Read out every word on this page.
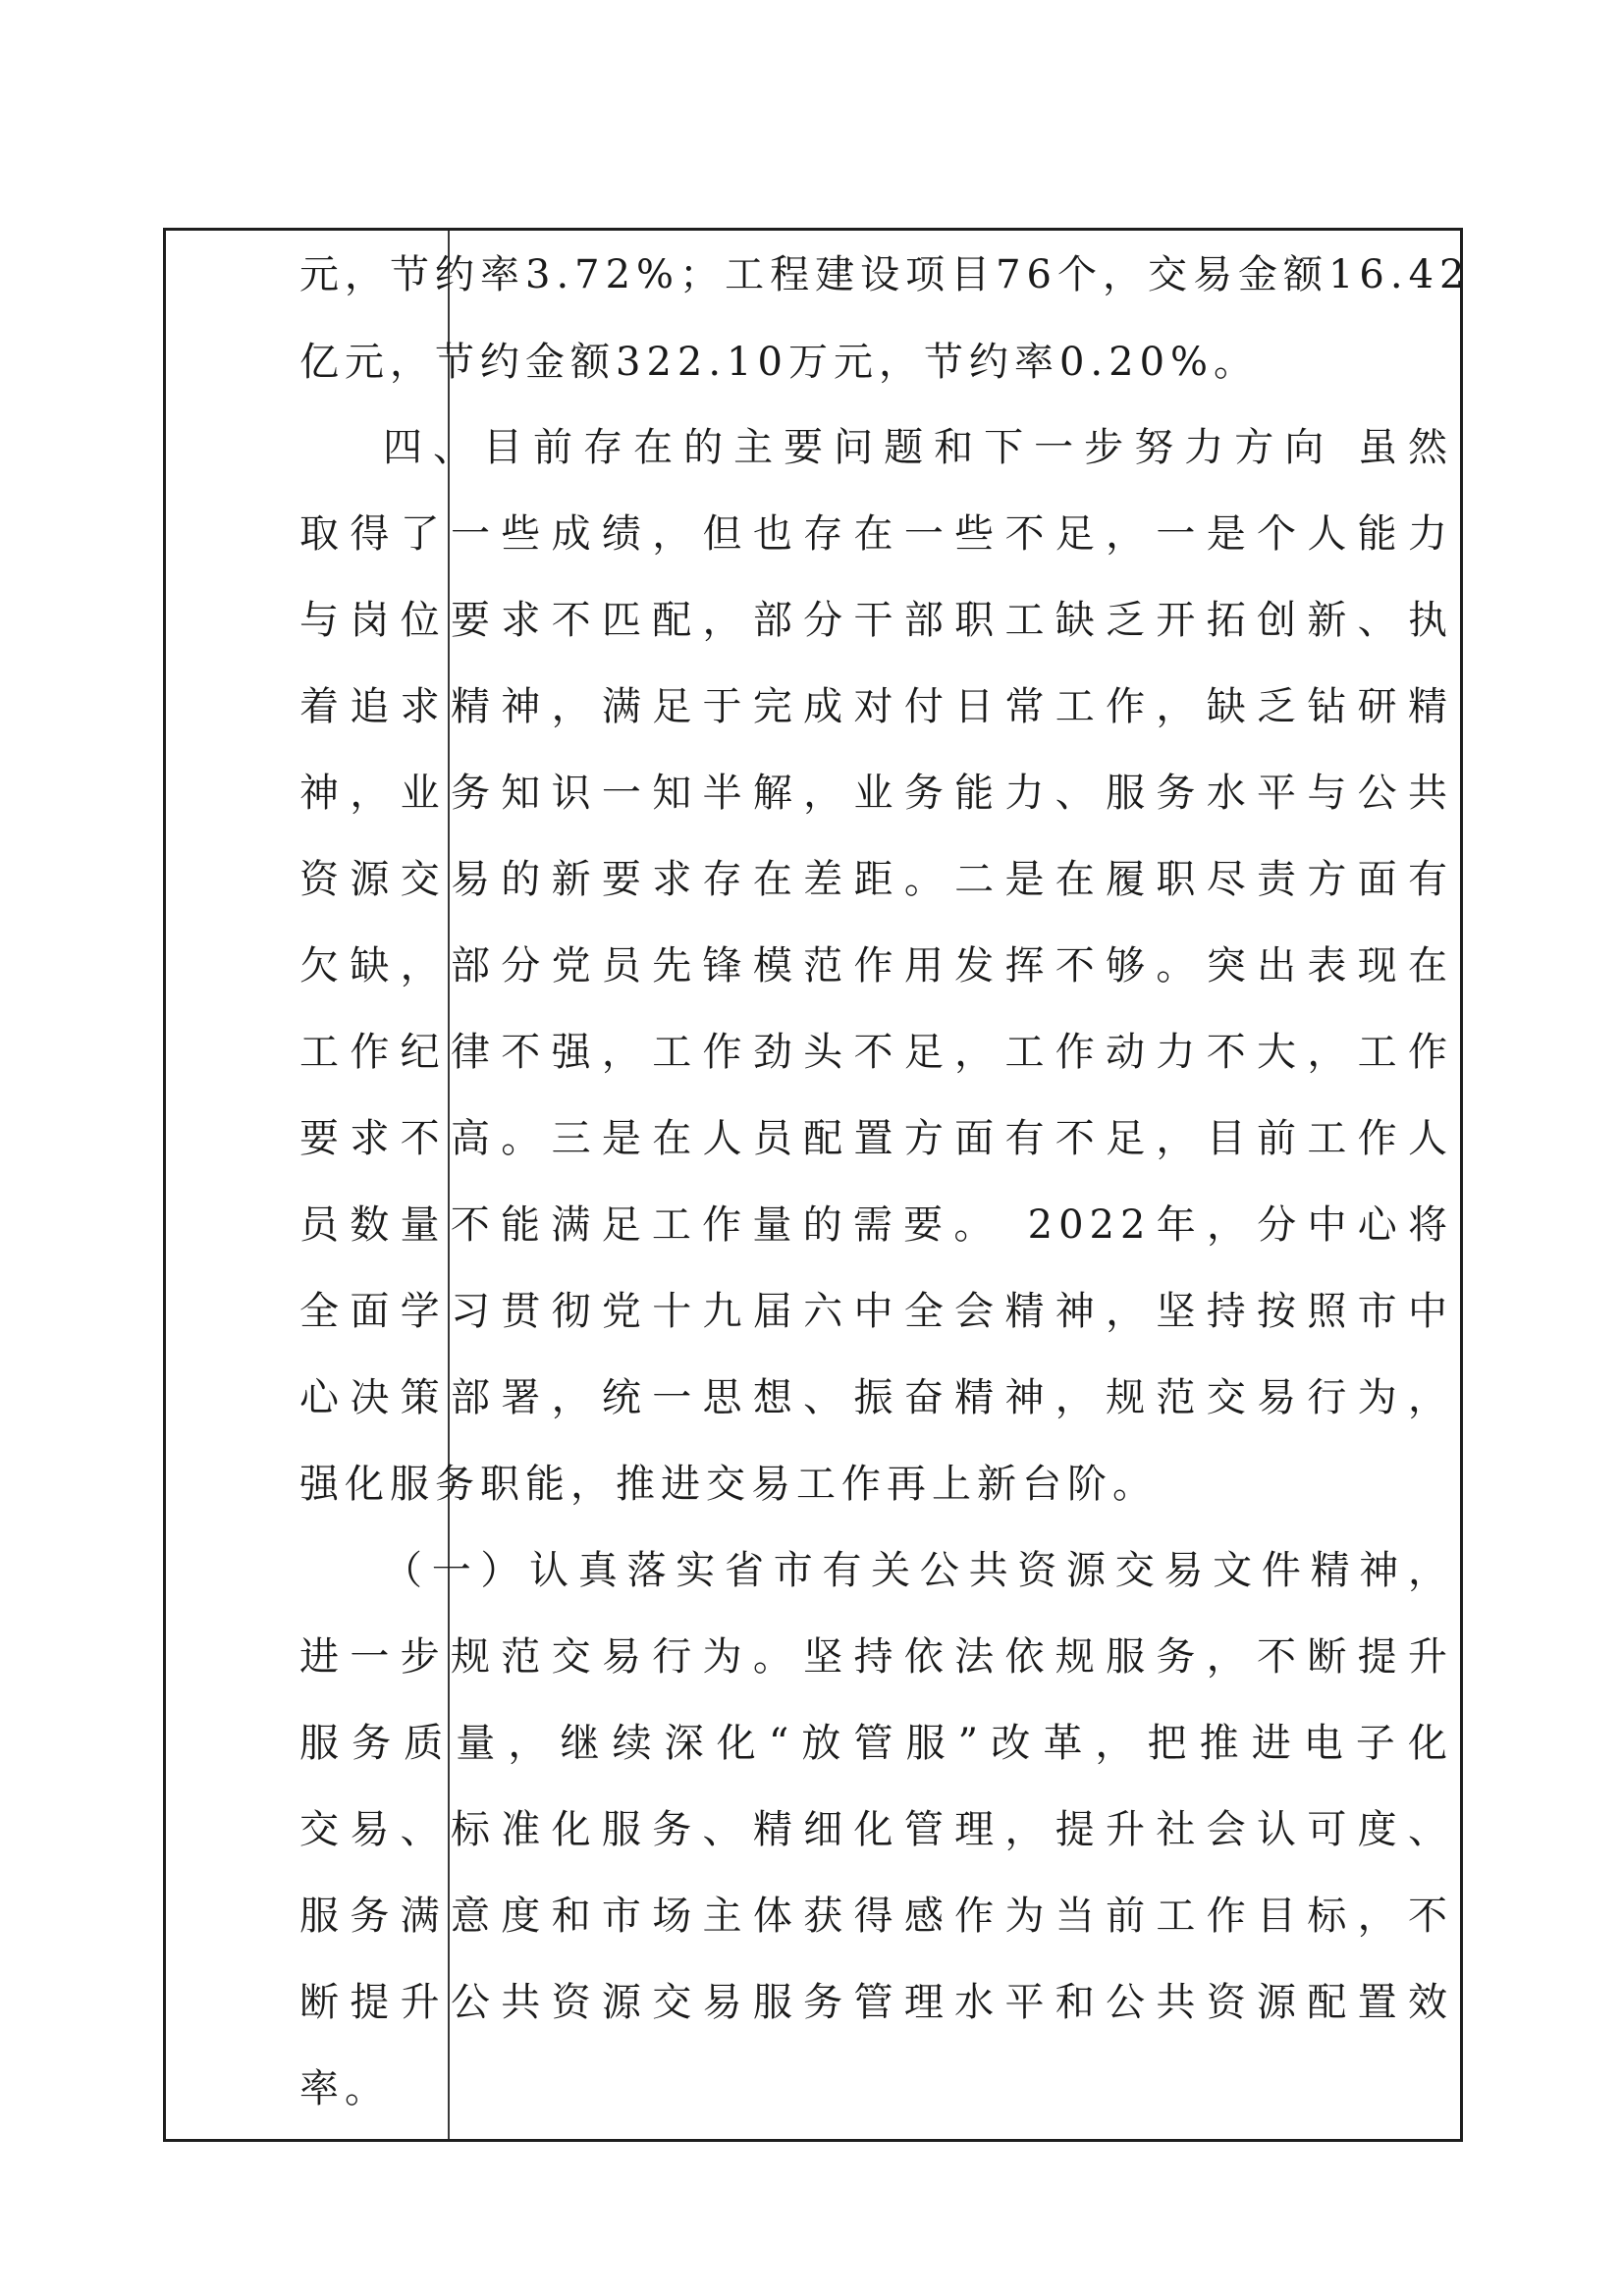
元，节约率3.72%；工程建设项目76个，交易金额16.42
亿元，节约金额322.10万元，节约率0.20%。
四、目前存在的主要问题和下一步努力方向 虽然
取得了一些成绩，但也存在一些不足，一是个人能力
与岗位要求不匹配，部分干部职工缺乏开拓创新、执
着追求精神，满足于完成对付日常工作，缺乏钻研精
神，业务知识一知半解，业务能力、服务水平与公共
资源交易的新要求存在差距。二是在履职尽责方面有
欠缺，部分党员先锋模范作用发挥不够。突出表现在
工作纪律不强，工作劲头不足，工作动力不大，工作
要求不高。三是在人员配置方面有不足，目前工作人
员数量不能满足工作量的需要。 2022年，分中心将
全面学习贯彻党十九届六中全会精神，坚持按照市中
心决策部署，统一思想、振奋精神，规范交易行为，
强化服务职能，推进交易工作再上新台阶。
（一）认真落实省市有关公共资源交易文件精神，
进一步规范交易行为。坚持依法依规服务，不断提升
服务质量，继续深化“放管服”改革，把推进电子化
交易、标准化服务、精细化管理，提升社会认可度、
服务满意度和市场主体获得感作为当前工作目标，不
断提升公共资源交易服务管理水平和公共资源配置效
率。
